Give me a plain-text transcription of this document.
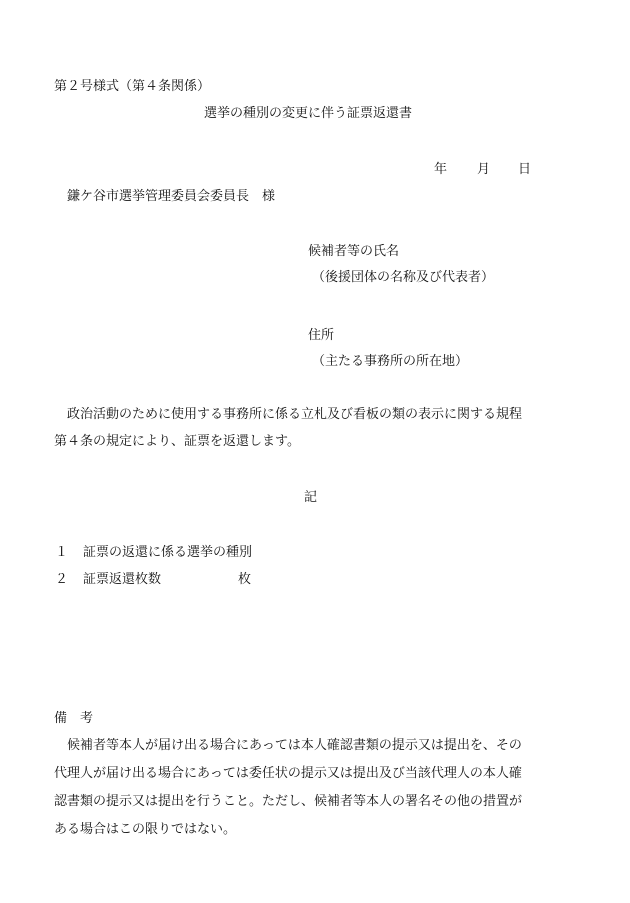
第２号様式（第４条関係）
選挙の種別の変更に伴う証票返還書
年 月 日
鎌ケ谷市選挙管理委員会委員長　様
候補者等の氏名
（後援団体の名称及び代表者）
住所
（主たる事務所の所在地）
政治活動のために使用する事務所に係る立札及び看板の類の表示に関する規程
第４条の規定により、証票を返還します。
記
１ 証票の返還に係る選挙の種別
２ 証票返還枚数	枚
備　考
候補者等本人が届け出る場合にあっては本人確認書類の提示又は提出を、その
代理人が届け出る場合にあっては委任状の提示又は提出及び当該代理人の本人確
認書類の提示又は提出を行うこと。ただし、候補者等本人の署名その他の措置が
ある場合はこの限りではない。
